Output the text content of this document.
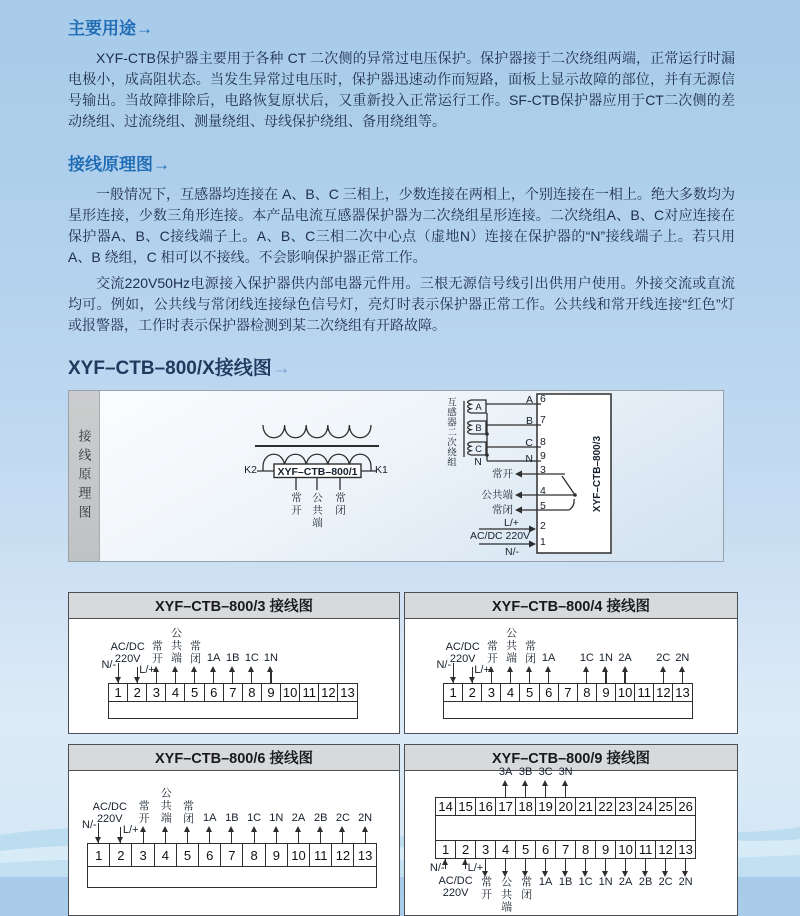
主要用途→

XYF-CTB保护器主要用于各种 CT 二次侧的异常过电压保护。保护器接于二次绕组两端，正常运行时漏电极小，成高阻状态。当发生异常过电压时，保护器迅速动作而短路，面板上显示故障的部位，并有无源信号输出。当故障排除后，电路恢复原状后，又重新投入正常运行工作。SF-CTB保护器应用于CT二次侧的差动绕组、过流绕组、测量绕组、母线保护绕组、备用绕组等。

接线原理图→

一般情况下，互感器均连接在 A、B、C 三相上，少数连接在两相上，个别连接在一相上。绝大多数均为星形连接，少数三角形连接。本产品电流互感器保护器为二次绕组星形连接。二次绕组A、B、C对应连接在保护器A、B、C接线端子上。A、B、C三相二次中心点（虚地N）连接在保护器的“N”接线端子上。若只用 A、B 绕组，C 相可以不接线。不会影响保护器正常工作。

交流220V50Hz电源接入保护器供内部电器元件用。三根无源信号线引出供用户使用。外接交流或直流均可。例如，公共线与常闭线连接绿色信号灯，亮灯时表示保护器正常工作。公共线和常开线连接“红色”灯或报警器，工作时表示保护器检测到某二次绕组有开路故障。

XYF–CTB–800/X接线图→
接线原理图	K2	K1
XYF–CTB–800/1
常开 公共端 常闭
互感器二次绕组	A
B
C
N
A
B
C
N
6
7
8
9
3
4
5
2
1
常开
公共端
常闭
L/+
AC/DC 220V
N/-
XYF–CTB–800/3
XYF–CTB–800/3 接线图
1 2 3 4 5 6 7 8 9 10 11 12 13
N/- L/+
AC/DC
220V 常开 公共端 常闭 1A 1B 1C 1N
XYF–CTB–800/4 接线图
1 2 3 4 5 6 7 8 9 10 11 12 13
N/- L/+
AC/DC
220V 常开 公共端 常闭 1A	1C 1N 2A	2C 2N
XYF–CTB–800/6 接线图
1	2	3	4	5	6	7	8	9 10 11 12 13
N/- L/+
AC/DC
220V	常开 公共端 常闭 1A 1B 1C 1N 2A 2B 2C 2N
XYF–CTB–800/9 接线图
14 15 16 17 18 19 20 21 22 23 24 25 26
1 2 3 4 5 6 7 8 9 10 11 12 13
3A 3B 3C 3N
常开 公共端 常闭 1A 1B 1C 1N 2A 2B 2C 2N
N/- L/+
AC/DC
220V
